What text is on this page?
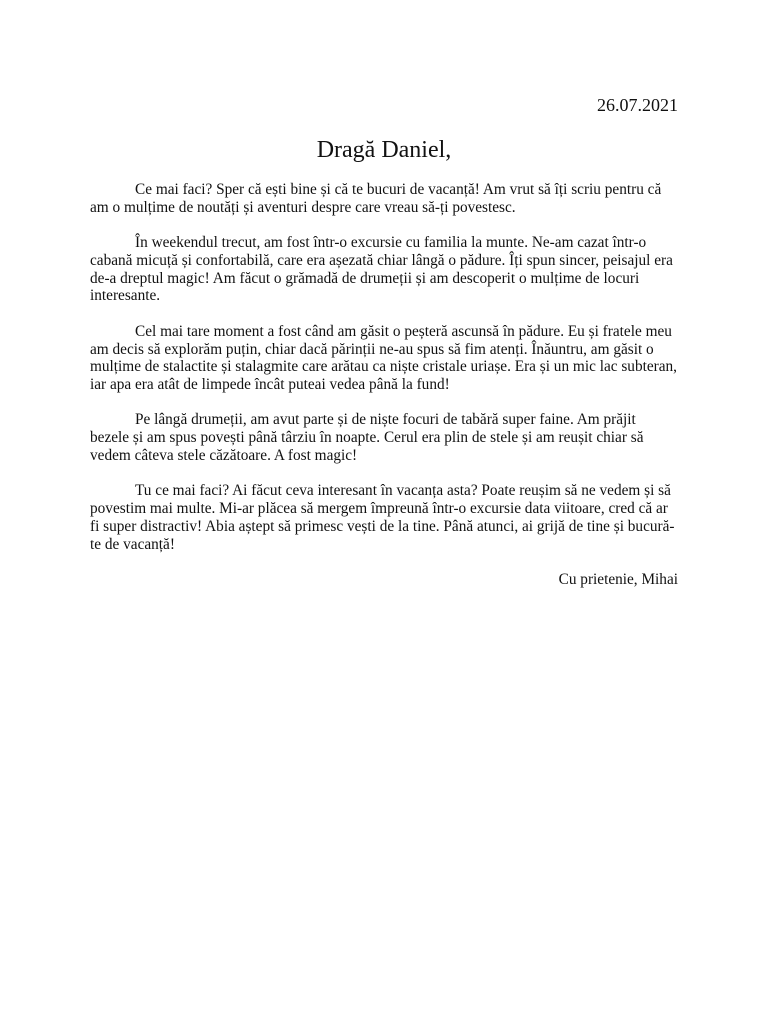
26.07.2021
Dragă Daniel,

Ce mai faci? Sper că ești bine și că te bucuri de vacanță! Am vrut să îți scriu pentru că am o mulțime de noutăți și aventuri despre care vreau să-ți povestesc.

În weekendul trecut, am fost într-o excursie cu familia la munte. Ne-am cazat într-o cabană micuță și confortabilă, care era așezată chiar lângă o pădure. Îți spun sincer, peisajul era de-a dreptul magic! Am făcut o grămadă de drumeții și am descoperit o mulțime de locuri interesante.

Cel mai tare moment a fost când am găsit o peșteră ascunsă în pădure. Eu și fratele meu am decis să explorăm puțin, chiar dacă părinții ne-au spus să fim atenți. Înăuntru, am găsit o mulțime de stalactite și stalagmite care arătau ca niște cristale uriașe. Era și un mic lac subteran, iar apa era atât de limpede încât puteai vedea până la fund!

Pe lângă drumeții, am avut parte și de niște focuri de tabără super faine. Am prăjit bezele și am spus povești până târziu în noapte. Cerul era plin de stele și am reușit chiar să vedem câteva stele căzătoare. A fost magic!

Tu ce mai faci? Ai făcut ceva interesant în vacanța asta? Poate reușim să ne vedem și să povestim mai multe. Mi-ar plăcea să mergem împreună într-o excursie data viitoare, cred că ar fi super distractiv! Abia aștept să primesc vești de la tine. Până atunci, ai grijă de tine și bucură-te de vacanță!

Cu prietenie, Mihai
